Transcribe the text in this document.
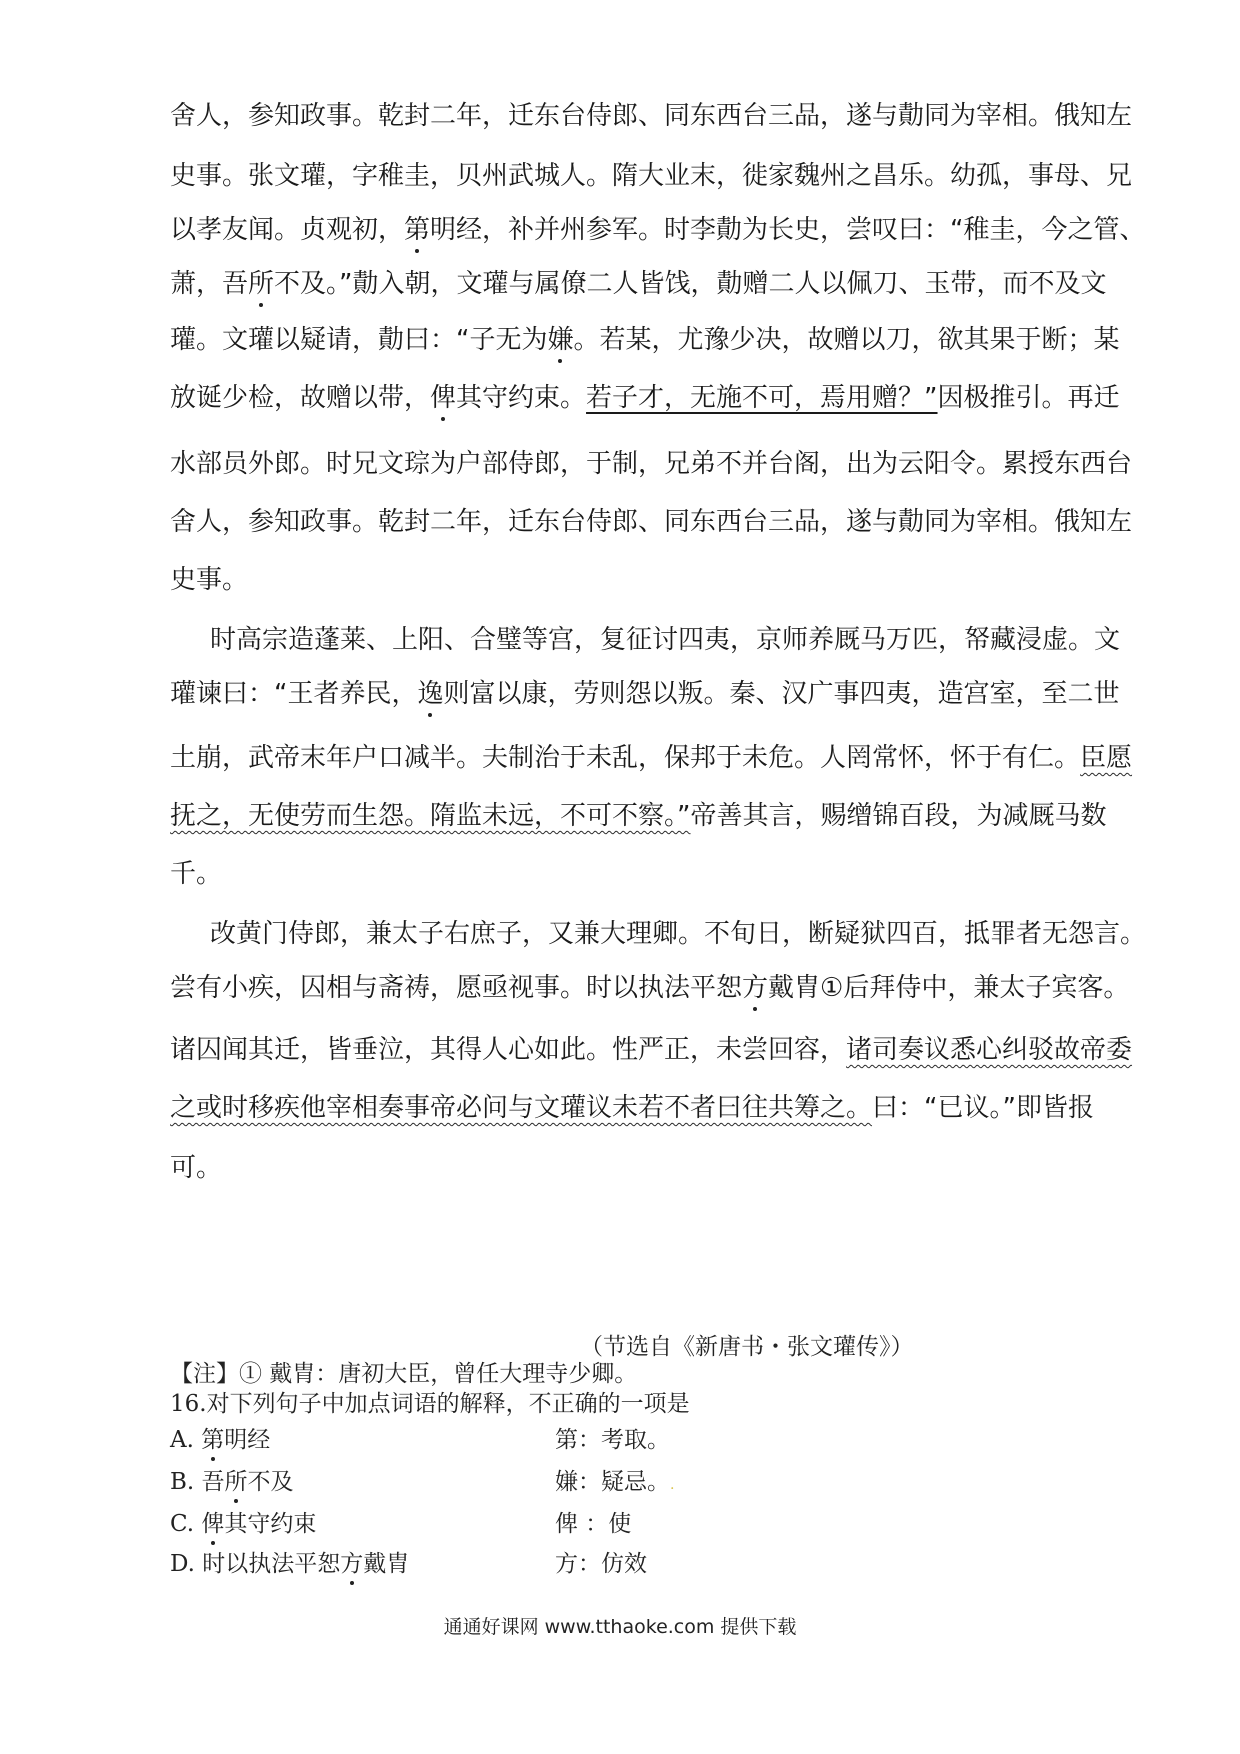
舍人，参知政事。乾封二年，迁东台侍郎、同东西台三品，遂与勣同为宰相。俄知左
史事。张文瓘，字稚圭，贝州武城人。隋大业末，徙家魏州之昌乐。幼孤，事母、兄
以孝友闻。贞观初，第明经，补并州参军。时李勣为长史，尝叹曰：“稚圭，今之管、
萧，吾所不及。”勣入朝，文瓘与属僚二人皆饯，勣赠二人以佩刀、玉带，而不及文
瓘。文瓘以疑请，勣曰：“子无为嫌。若某，尤豫少决，故赠以刀，欲其果于断；某
放诞少检，故赠以带，俾其守约束。若子才，无施不可，焉用赠？”因极推引。再迁
水部员外郎。时兄文琮为户部侍郎，于制，兄弟不并台阁，出为云阳令。累授东西台
舍人，参知政事。乾封二年，迁东台侍郎、同东西台三品，遂与勣同为宰相。俄知左
史事。
时高宗造蓬莱、上阳、合璧等宫，复征讨四夷，京师养厩马万匹，帑藏浸虚。文
瓘谏曰：“王者养民，逸则富以康，劳则怨以叛。秦、汉广事四夷，造宫室，至二世
土崩，武帝末年户口减半。夫制治于未乱，保邦于未危。人罔常怀，怀于有仁。臣愿
抚之，无使劳而生怨。隋监未远，不可不察。”帝善其言，赐缯锦百段，为减厩马数
千。
改黄门侍郎，兼太子右庶子，又兼大理卿。不旬日，断疑狱四百，抵罪者无怨言。
尝有小疾，囚相与斋祷，愿亟视事。时以执法平恕方戴胄①后拜侍中，兼太子宾客。
诸囚闻其迁，皆垂泣，其得人心如此。性严正，未尝回容，诸司奏议悉心纠驳故帝委
之或时移疾他宰相奏事帝必问与文瓘议未若不者曰往共筹之。曰：“已议。”即皆报
可。
（节选自《新唐书・张文瓘传》）
【注】① 戴胄：唐初大臣，曾任大理寺少卿。
16.对下列句子中加点词语的解释，不正确的一项是
A. 第明经	第：考取。
B. 吾所不及	嫌：疑忌。.
C. 俾其守约束	俾 ：使
D. 时以执法平恕方戴胄	方：仿效
通通好课网 www.tthaoke.com 提供下载
